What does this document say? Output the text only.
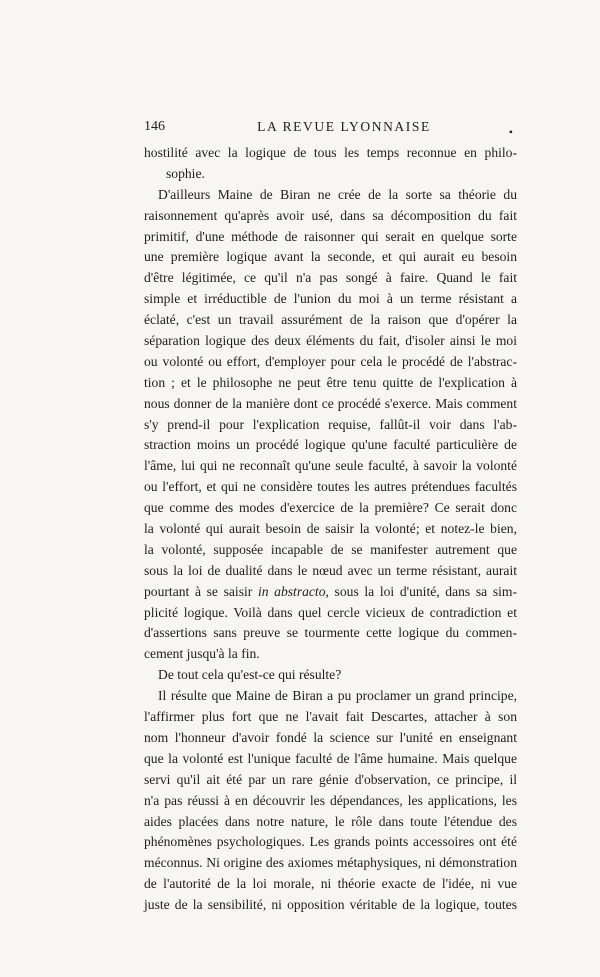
146	LA REVUE LYONNAISE	•
hostilité avec la logique de tous les temps reconnue en philo-
sophie.
D'ailleurs Maine de Biran ne crée de la sorte sa théorie du
raisonnement qu'après avoir usé, dans sa décomposition du fait
primitif, d'une méthode de raisonner qui serait en quelque sorte
une première logique avant la seconde, et qui aurait eu besoin
d'être légitimée, ce qu'il n'a pas songé à faire. Quand le fait
simple et irréductible de l'union du moi à un terme résistant a
éclaté, c'est un travail assurément de la raison que d'opérer la
séparation logique des deux éléments du fait, d'isoler ainsi le moi
ou volonté ou effort, d'employer pour cela le procédé de l'abstrac-
tion ; et le philosophe ne peut être tenu quitte de l'explication à
nous donner de la manière dont ce procédé s'exerce. Mais comment
s'y prend-il pour l'explication requise, fallût-il voir dans l'ab-
straction moins un procédé logique qu'une faculté particulière de
l'âme, lui qui ne reconnaît qu'une seule faculté, à savoir la volonté
ou l'effort, et qui ne considère toutes les autres prétendues facultés
que comme des modes d'exercice de la première? Ce serait donc
la volonté qui aurait besoin de saisir la volonté; et notez-le bien,
la volonté, supposée incapable de se manifester autrement que
sous la loi de dualité dans le nœud avec un terme résistant, aurait
pourtant à se saisir in abstracto, sous la loi d'unité, dans sa sim-
plicité logique. Voilà dans quel cercle vicieux de contradiction et
d'assertions sans preuve se tourmente cette logique du commen-
cement jusqu'à la fin.
De tout cela qu'est-ce qui résulte?
Il résulte que Maine de Biran a pu proclamer un grand principe,
l'affirmer plus fort que ne l'avait fait Descartes, attacher à son
nom l'honneur d'avoir fondé la science sur l'unité en enseignant
que la volonté est l'unique faculté de l'âme humaine. Mais quelque
servi qu'il ait été par un rare génie d'observation, ce principe, il
n'a pas réussi à en découvrir les dépendances, les applications, les
aides placées dans notre nature, le rôle dans toute l'étendue des
phénomènes psychologiques. Les grands points accessoires ont été
méconnus. Ni origine des axiomes métaphysiques, ni démonstration
de l'autorité de la loi morale, ni théorie exacte de l'idée, ni vue
juste de la sensibilité, ni opposition véritable de la logique, toutes
